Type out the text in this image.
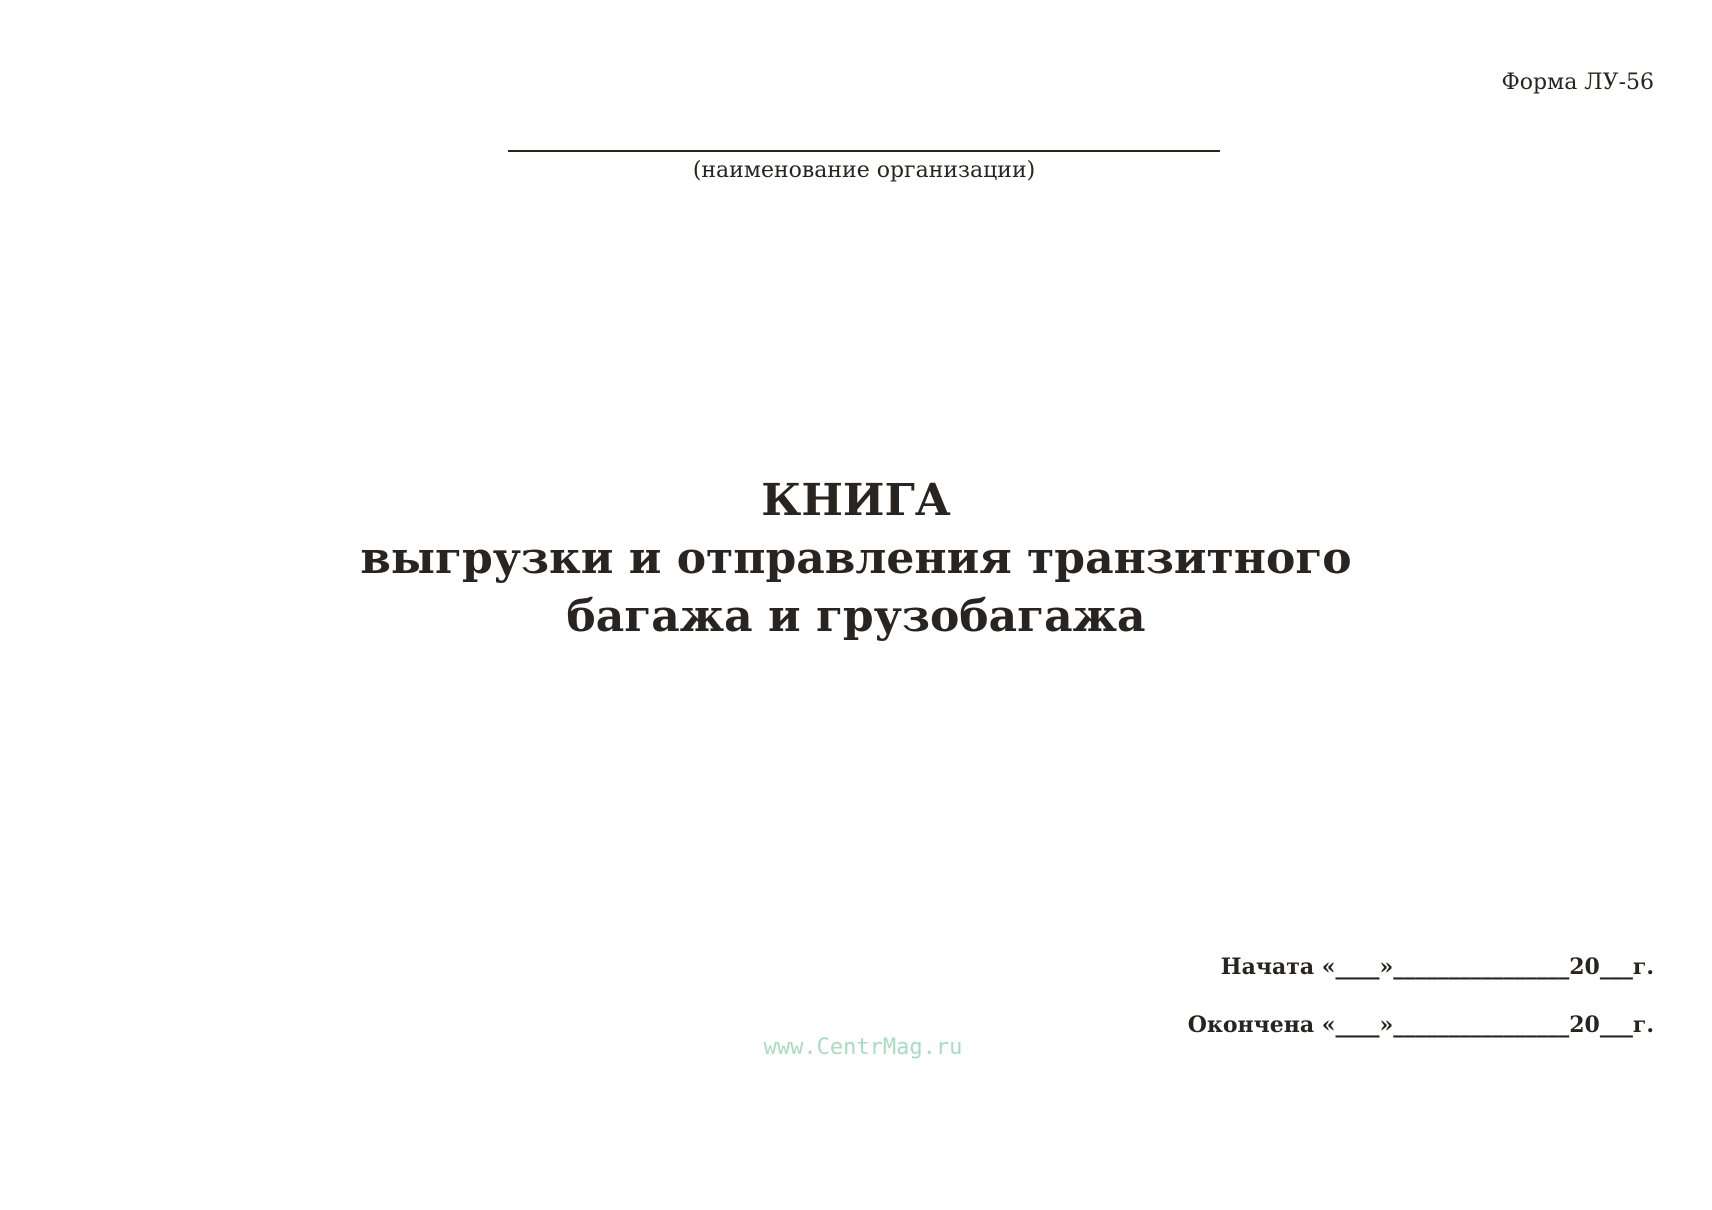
Форма ЛУ-56
(наименование организации)
КНИГА
выгрузки и отправления транзитного
багажа и грузобагажа
Начата «____»________________20___г.
Окончена «____»________________20___г.
www.CentrMag.ru
